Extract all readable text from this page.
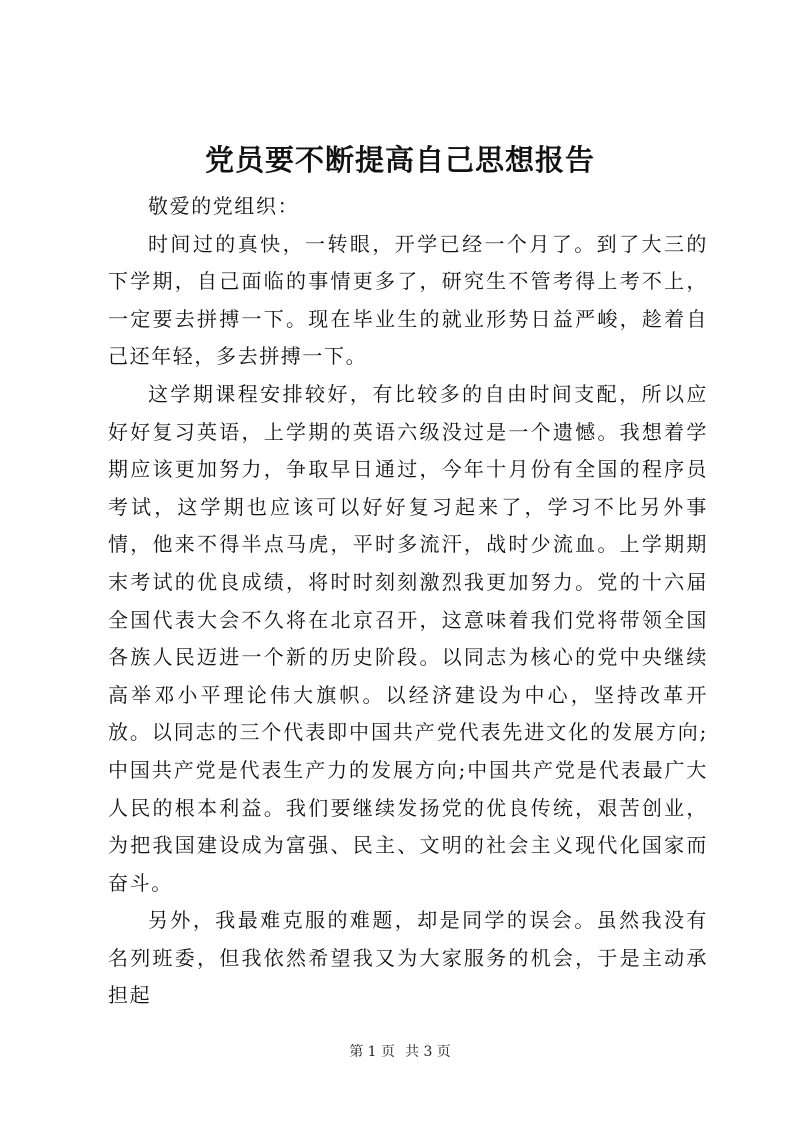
党员要不断提高自己思想报告

敬爱的党组织：

时间过的真快，一转眼，开学已经一个月了。到了大三的下学期，自己面临的事情更多了，研究生不管考得上考不上，一定要去拼搏一下。现在毕业生的就业形势日益严峻，趁着自己还年轻，多去拼搏一下。

这学期课程安排较好，有比较多的自由时间支配，所以应好好复习英语，上学期的英语六级没过是一个遗憾。我想着学期应该更加努力，争取早日通过，今年十月份有全国的程序员考试，这学期也应该可以好好复习起来了，学习不比另外事情，他来不得半点马虎，平时多流汗，战时少流血。上学期期末考试的优良成绩，将时时刻刻激烈我更加努力。党的十六届全国代表大会不久将在北京召开，这意味着我们党将带领全国各族人民迈进一个新的历史阶段。以同志为核心的党中央继续高举邓小平理论伟大旗帜。以经济建设为中心，坚持改革开放。以同志的三个代表即中国共产党代表先进文化的发展方向;中国共产党是代表生产力的发展方向;中国共产党是代表最广大人民的根本利益。我们要继续发扬党的优良传统，艰苦创业，为把我国建设成为富强、民主、文明的社会主义现代化国家而奋斗。

另外，我最难克服的难题，却是同学的误会。虽然我没有名列班委，但我依然希望我又为大家服务的机会，于是主动承担起

第 1 页 共 3 页
